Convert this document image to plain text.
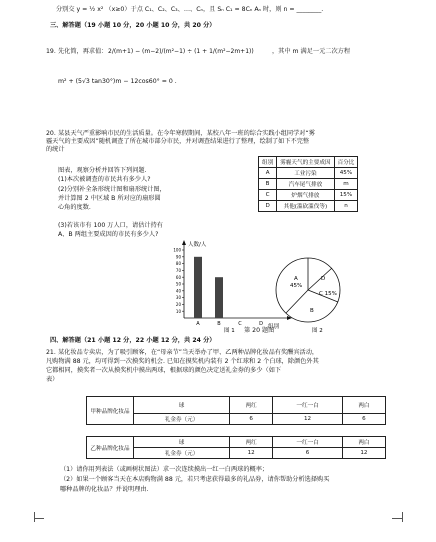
分别交 y = ½ x² （x≥0）于点 C₁、C₂、C₃、…、Cₙ，且 Sₙ C₁ = 8Cₙ Aₙ 时，则 n = ________.
三、解答题（19 小题 10 分，20 小题 10 分，共 20 分）
19. 先化简，再求值： 2/(m+1) − (m−2)/(m²−1) ÷ (1 + 1/(m²−2m+1))	，其中 m 满足一元二次方程
m² + (5√3 tan30°)m − 12cos60° = 0 .
20. 某县天气严重影响市民的生活质量。在今年寒假期间，某校八年一班的综合实践小组同学对“雾
霾天气的主要成因”随机调查了所在城市部分市民，并对调查结果进行了整理，绘制了如下不完整
的统计
图表，观察分析并回答下列问题.
(1)本次被调查的市民共有多少人?
(2)分别补全条形统计图和扇形统计图，
并计算图 2 中区域 B 所对应的扇形圆
心角的度数.
(3)若该市有 100 万人口，请估计持有
A、B 两组主要成因的市民有多少人?
组别	雾霾天气的主要成因	百分比
A	工业污染	45%
B	汽车尾气排放	m
C	炉烟气排放	15%
D	其他(滥砍滥伐等)	n
人数/人
组别
10
20
30
40
50
60
70
80
90
100
A	B	C	D
图 1
A 45%
D
C 15%
B
图 2
第 20 题图
四、解答题（21 小题 12 分，22 小题 12 分，共 24 分）
21. 某化妆品专卖店，为了吸引顾客，在“母亲节”当天举办了甲、乙两种品牌化妆品有奖酬宾活动，
凡购物满 88 元，均可得到一次摸奖的机会. 已知在摸奖机内装有 2 个红球和 2 个白球，除颜色外其
它都相同，摸奖者一次从摸奖机中摸出两球，根据球的颜色决定送礼金券的多少（如下
表）
甲种品牌化妆品	球	两红	一红一白	两白
	礼金券（元）	6	12	6
乙种品牌化妆品	球	两红	一红一白	两白
	礼金券（元）	12	6	12
（1）请你用列表法（或画树状图法）求一次连续摸出一红一白两球的概率；
（2）如果一个顾客当天在本店购物满 88 元，若只考虑获得最多的礼品券，请你帮助分析选择购买
哪种品牌的化妆品？并说明理由.
